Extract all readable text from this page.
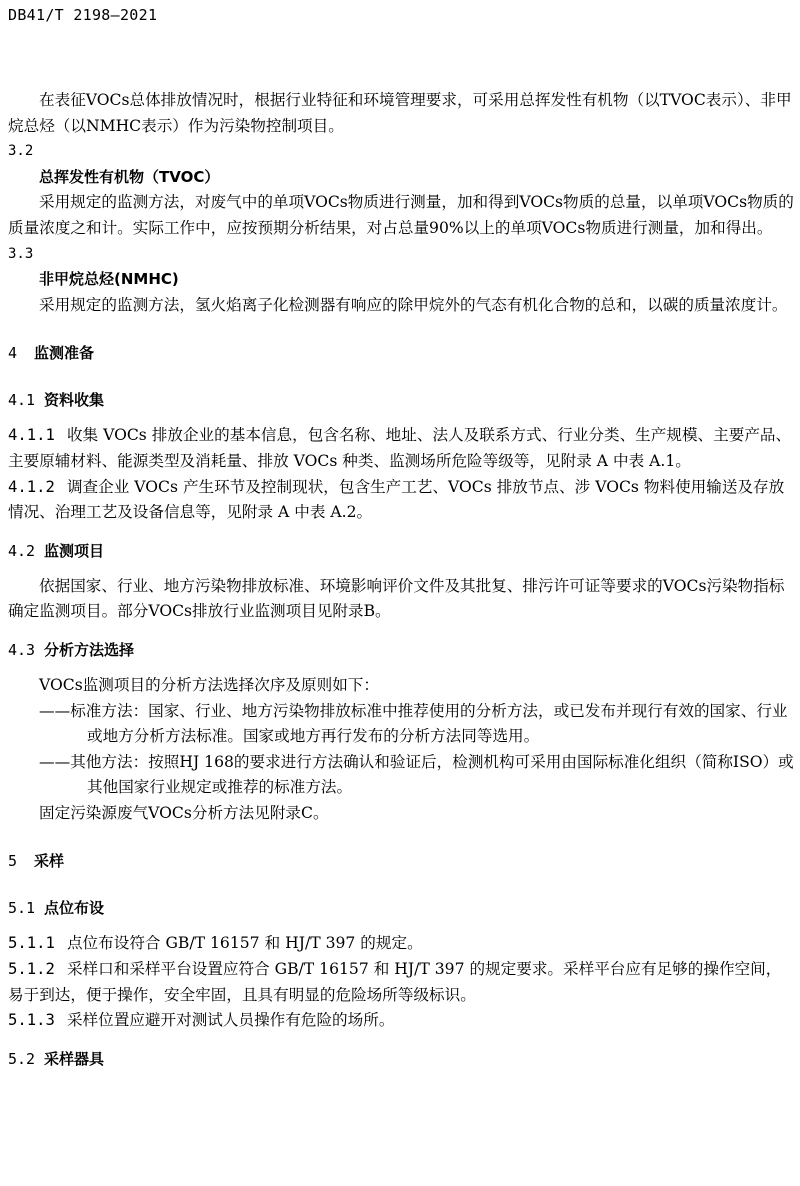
DB41/T 2198—2021

在表征VOCs总体排放情况时，根据行业特征和环境管理要求，可采用总挥发性有机物（以TVOC表示）、非甲烷总烃（以NMHC表示）作为污染物控制项目。

3.2

总挥发性有机物（TVOC）

采用规定的监测方法，对废气中的单项VOCs物质进行测量，加和得到VOCs物质的总量，以单项VOCs物质的质量浓度之和计。实际工作中，应按预期分析结果，对占总量90%以上的单项VOCs物质进行测量，加和得出。

3.3

非甲烷总烃(NMHC)

采用规定的监测方法，氢火焰离子化检测器有响应的除甲烷外的气态有机化合物的总和，以碳的质量浓度计。

4 监测准备
4.1 资料收集

4.1.1 收集 VOCs 排放企业的基本信息，包含名称、地址、法人及联系方式、行业分类、生产规模、主要产品、主要原辅材料、能源类型及消耗量、排放 VOCs 种类、监测场所危险等级等，见附录 A 中表 A.1。

4.1.2 调查企业 VOCs 产生环节及控制现状，包含生产工艺、VOCs 排放节点、涉 VOCs 物料使用输送及存放情况、治理工艺及设备信息等，见附录 A 中表 A.2。

4.2 监测项目

依据国家、行业、地方污染物排放标准、环境影响评价文件及其批复、排污许可证等要求的VOCs污染物指标确定监测项目。部分VOCs排放行业监测项目见附录B。

4.3 分析方法选择

VOCs监测项目的分析方法选择次序及原则如下：

——标准方法：国家、行业、地方污染物排放标准中推荐使用的分析方法，或已发布并现行有效的国家、行业或地方分析方法标准。国家或地方再行发布的分析方法同等选用。

——其他方法：按照HJ 168的要求进行方法确认和验证后，检测机构可采用由国际标准化组织（简称ISO）或其他国家行业规定或推荐的标准方法。

固定污染源废气VOCs分析方法见附录C。

5 采样
5.1 点位布设

5.1.1 点位布设符合 GB/T 16157 和 HJ/T 397 的规定。

5.1.2 采样口和采样平台设置应符合 GB/T 16157 和 HJ/T 397 的规定要求。采样平台应有足够的操作空间，易于到达，便于操作，安全牢固，且具有明显的危险场所等级标识。

5.1.3 采样位置应避开对测试人员操作有危险的场所。

5.2 采样器具
